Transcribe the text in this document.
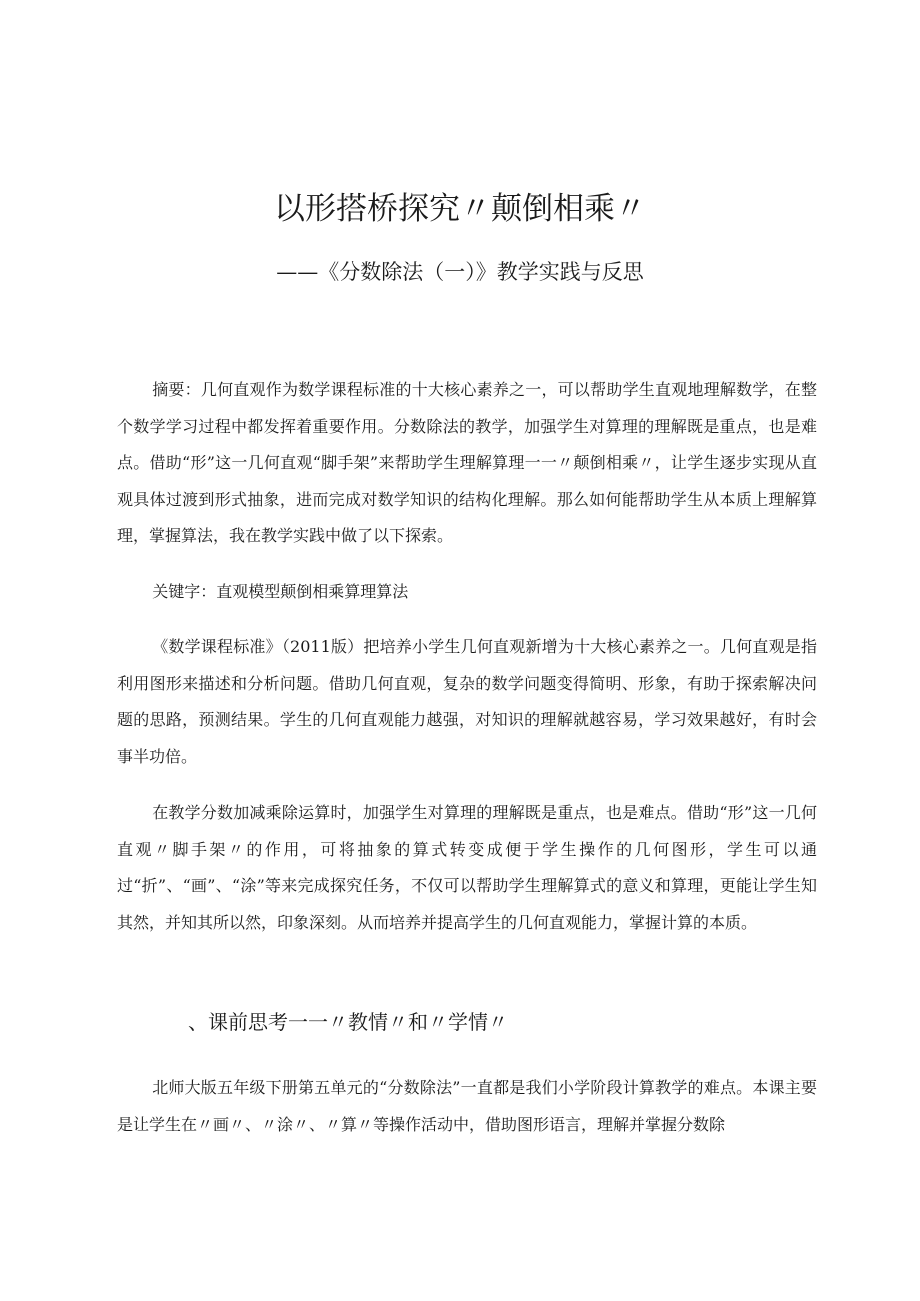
以形搭桥探究〃颠倒相乘〃
——《分数除法（一）》教学实践与反思

摘要：几何直观作为数学课程标准的十大核心素养之一，可以帮助学生直观地理解数学，在整个数学学习过程中都发挥着重要作用。分数除法的教学，加强学生对算理的理解既是重点，也是难点。借助“形”这一几何直观“脚手架”来帮助学生理解算理一一〃颠倒相乘〃，让学生逐步实现从直观具体过渡到形式抽象，进而完成对数学知识的结构化理解。那么如何能帮助学生从本质上理解算理，掌握算法，我在教学实践中做了以下探索。

关键字：直观模型颠倒相乘算理算法

《数学课程标准》（2011版）把培养小学生几何直观新增为十大核心素养之一。几何直观是指利用图形来描述和分析问题。借助几何直观，复杂的数学问题变得简明、形象，有助于探索解决问题的思路，预测结果。学生的几何直观能力越强，对知识的理解就越容易，学习效果越好，有时会事半功倍。

在教学分数加减乘除运算时，加强学生对算理的理解既是重点，也是难点。借助“形”这一几何直观〃脚手架〃的作用，可将抽象的算式转变成便于学生操作的几何图形，学生可以通过“折”、“画”、“涂”等来完成探究任务，不仅可以帮助学生理解算式的意义和算理，更能让学生知其然，并知其所以然，印象深刻。从而培养并提高学生的几何直观能力，掌握计算的本质。

、课前思考一一〃教情〃和〃学情〃

北师大版五年级下册第五单元的“分数除法”一直都是我们小学阶段计算教学的难点。本课主要是让学生在〃画〃、〃涂〃、〃算〃等操作活动中，借助图形语言，理解并掌握分数除
